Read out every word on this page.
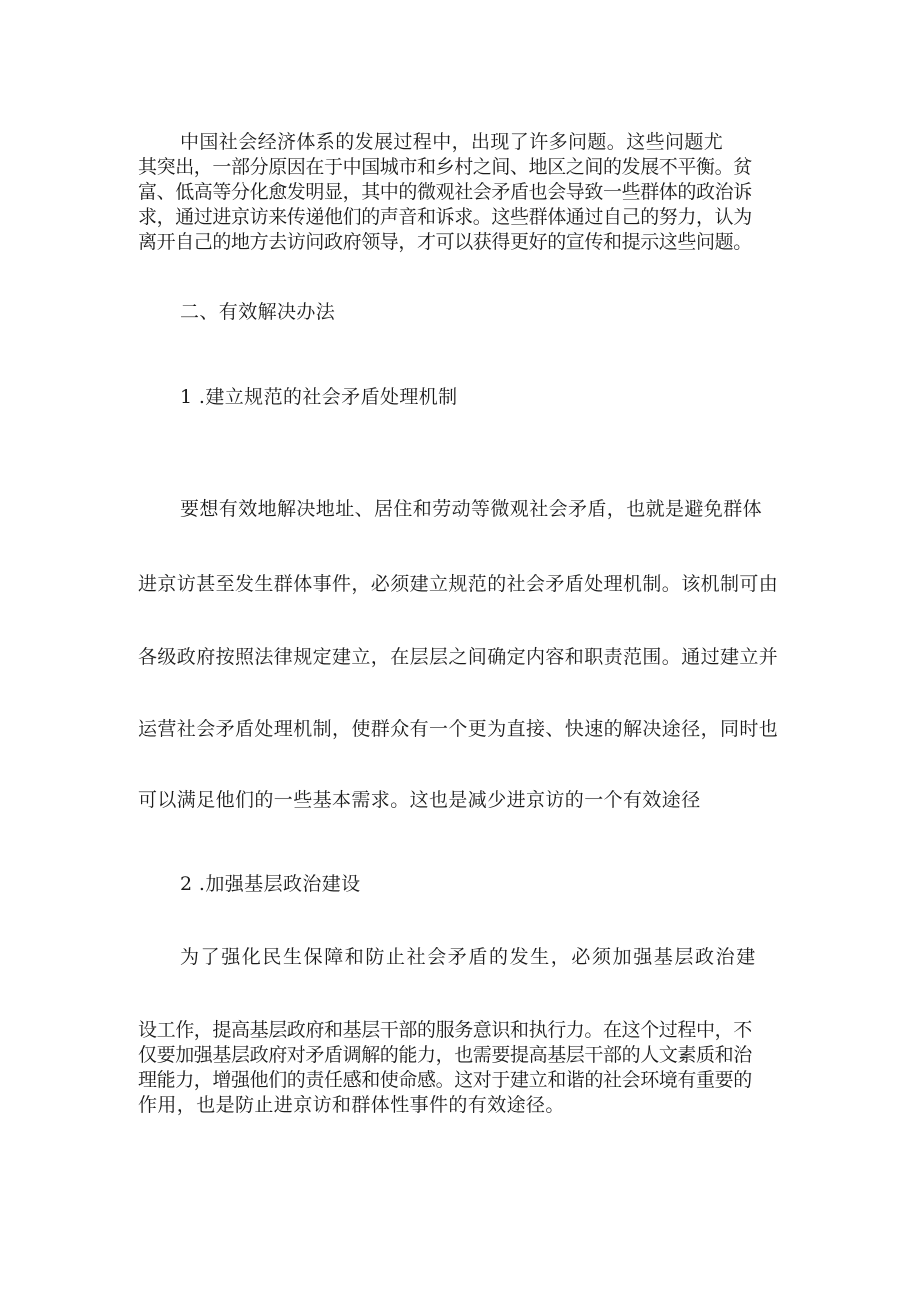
中国社会经济体系的发展过程中，出现了许多问题。这些问题尤
其突出，一部分原因在于中国城市和乡村之间、地区之间的发展不平衡。贫
富、低高等分化愈发明显，其中的微观社会矛盾也会导致一些群体的政治诉
求，通过进京访来传递他们的声音和诉求。这些群体通过自己的努力，认为
离开自己的地方去访问政府领导，才可以获得更好的宣传和提示这些问题。
二、有效解决办法
1 .建立规范的社会矛盾处理机制
要想有效地解决地址、居住和劳动等微观社会矛盾，也就是避免群体
进京访甚至发生群体事件，必须建立规范的社会矛盾处理机制。该机制可由
各级政府按照法律规定建立，在层层之间确定内容和职责范围。通过建立并
运营社会矛盾处理机制，使群众有一个更为直接、快速的解决途径，同时也
可以满足他们的一些基本需求。这也是减少进京访的一个有效途径
2 .加强基层政治建设
为了强化民生保障和防止社会矛盾的发生，必须加强基层政治建
设工作，提高基层政府和基层干部的服务意识和执行力。在这个过程中，不
仅要加强基层政府对矛盾调解的能力，也需要提高基层干部的人文素质和治
理能力，增强他们的责任感和使命感。这对于建立和谐的社会环境有重要的
作用，也是防止进京访和群体性事件的有效途径。
